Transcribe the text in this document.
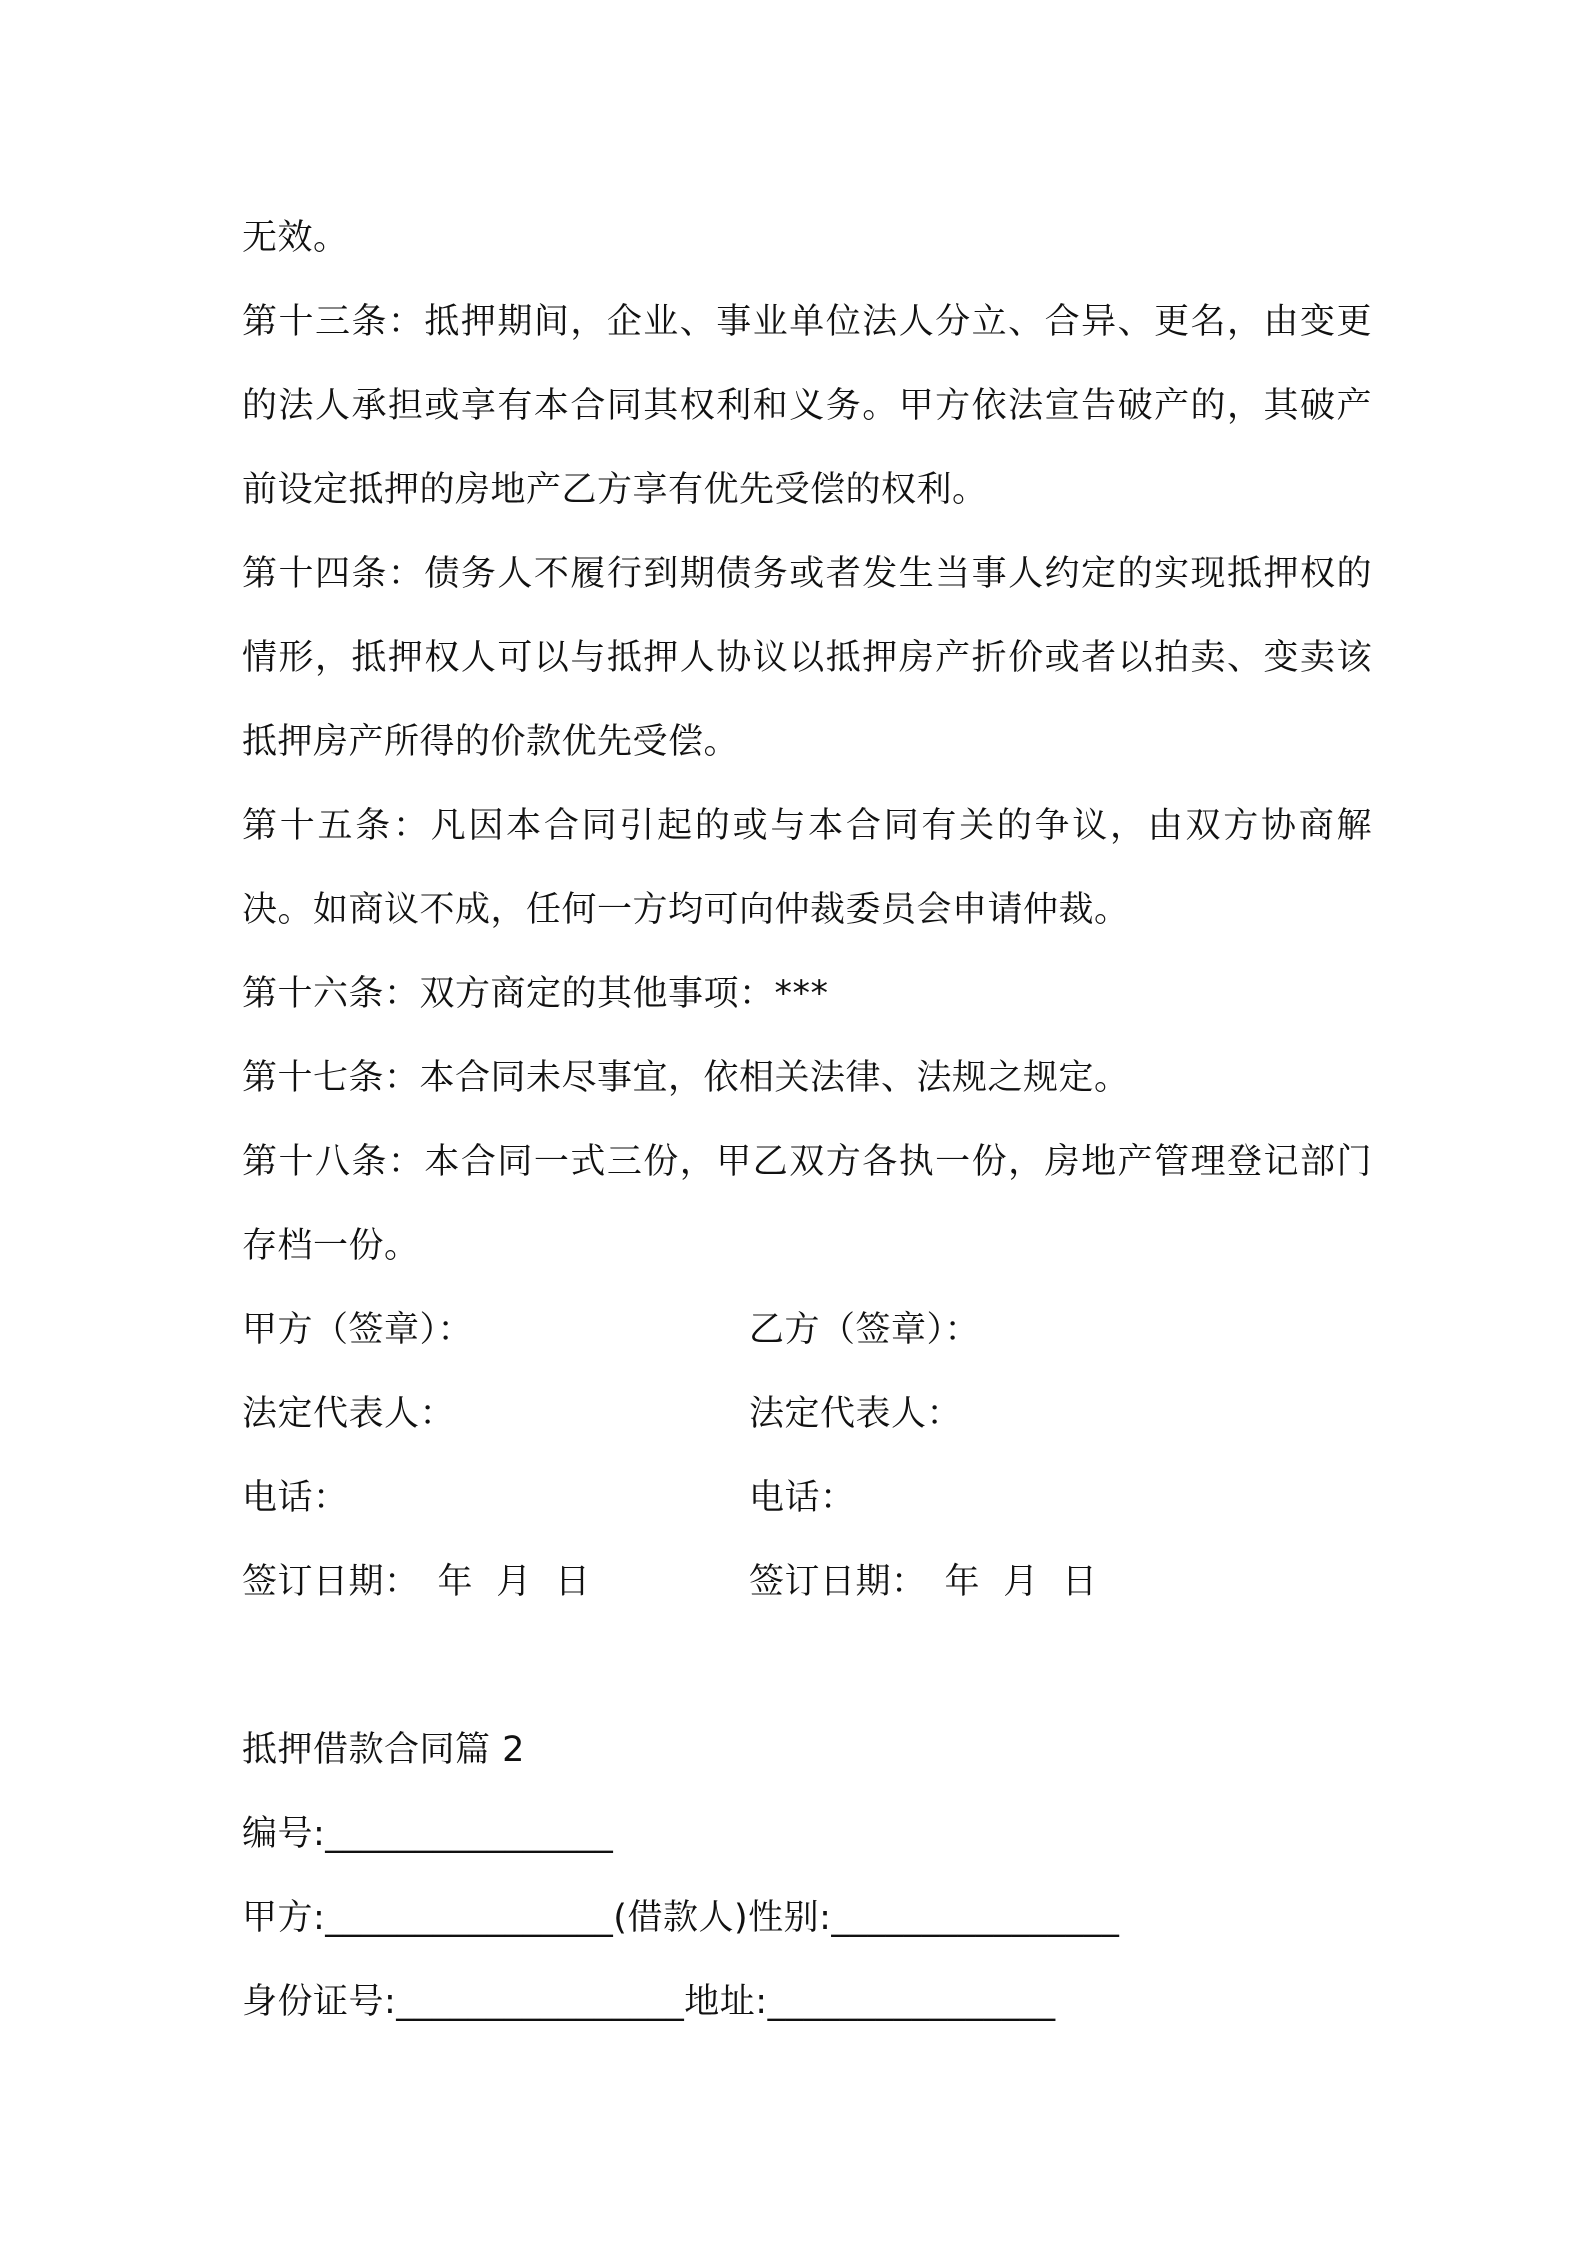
无效。

第十三条：抵押期间，企业、事业单位法人分立、合异、更名，由变更的法人承担或享有本合同其权利和义务。甲方依法宣告破产的，其破产前设定抵押的房地产乙方享有优先受偿的权利。

第十四条：债务人不履行到期债务或者发生当事人约定的实现抵押权的情形，抵押权人可以与抵押人协议以抵押房产折价或者以拍卖、变卖该抵押房产所得的价款优先受偿。

第十五条：凡因本合同引起的或与本合同有关的争议，由双方协商解决。如商议不成，任何一方均可向仲裁委员会申请仲裁。

第十六条：双方商定的其他事项：***

第十七条：本合同未尽事宜，依相关法律、法规之规定。

第十八条：本合同一式三份，甲乙双方各执一份，房地产管理登记部门存档一份。

甲方（签章）：	乙方（签章）：
法定代表人：	法定代表人：
电话：	电话：
签订日期：　年  月  日	签订日期：　年  月  日

抵押借款合同篇 2

编号:________________

甲方:________________(借款人)性别:________________

身份证号:________________地址:________________
